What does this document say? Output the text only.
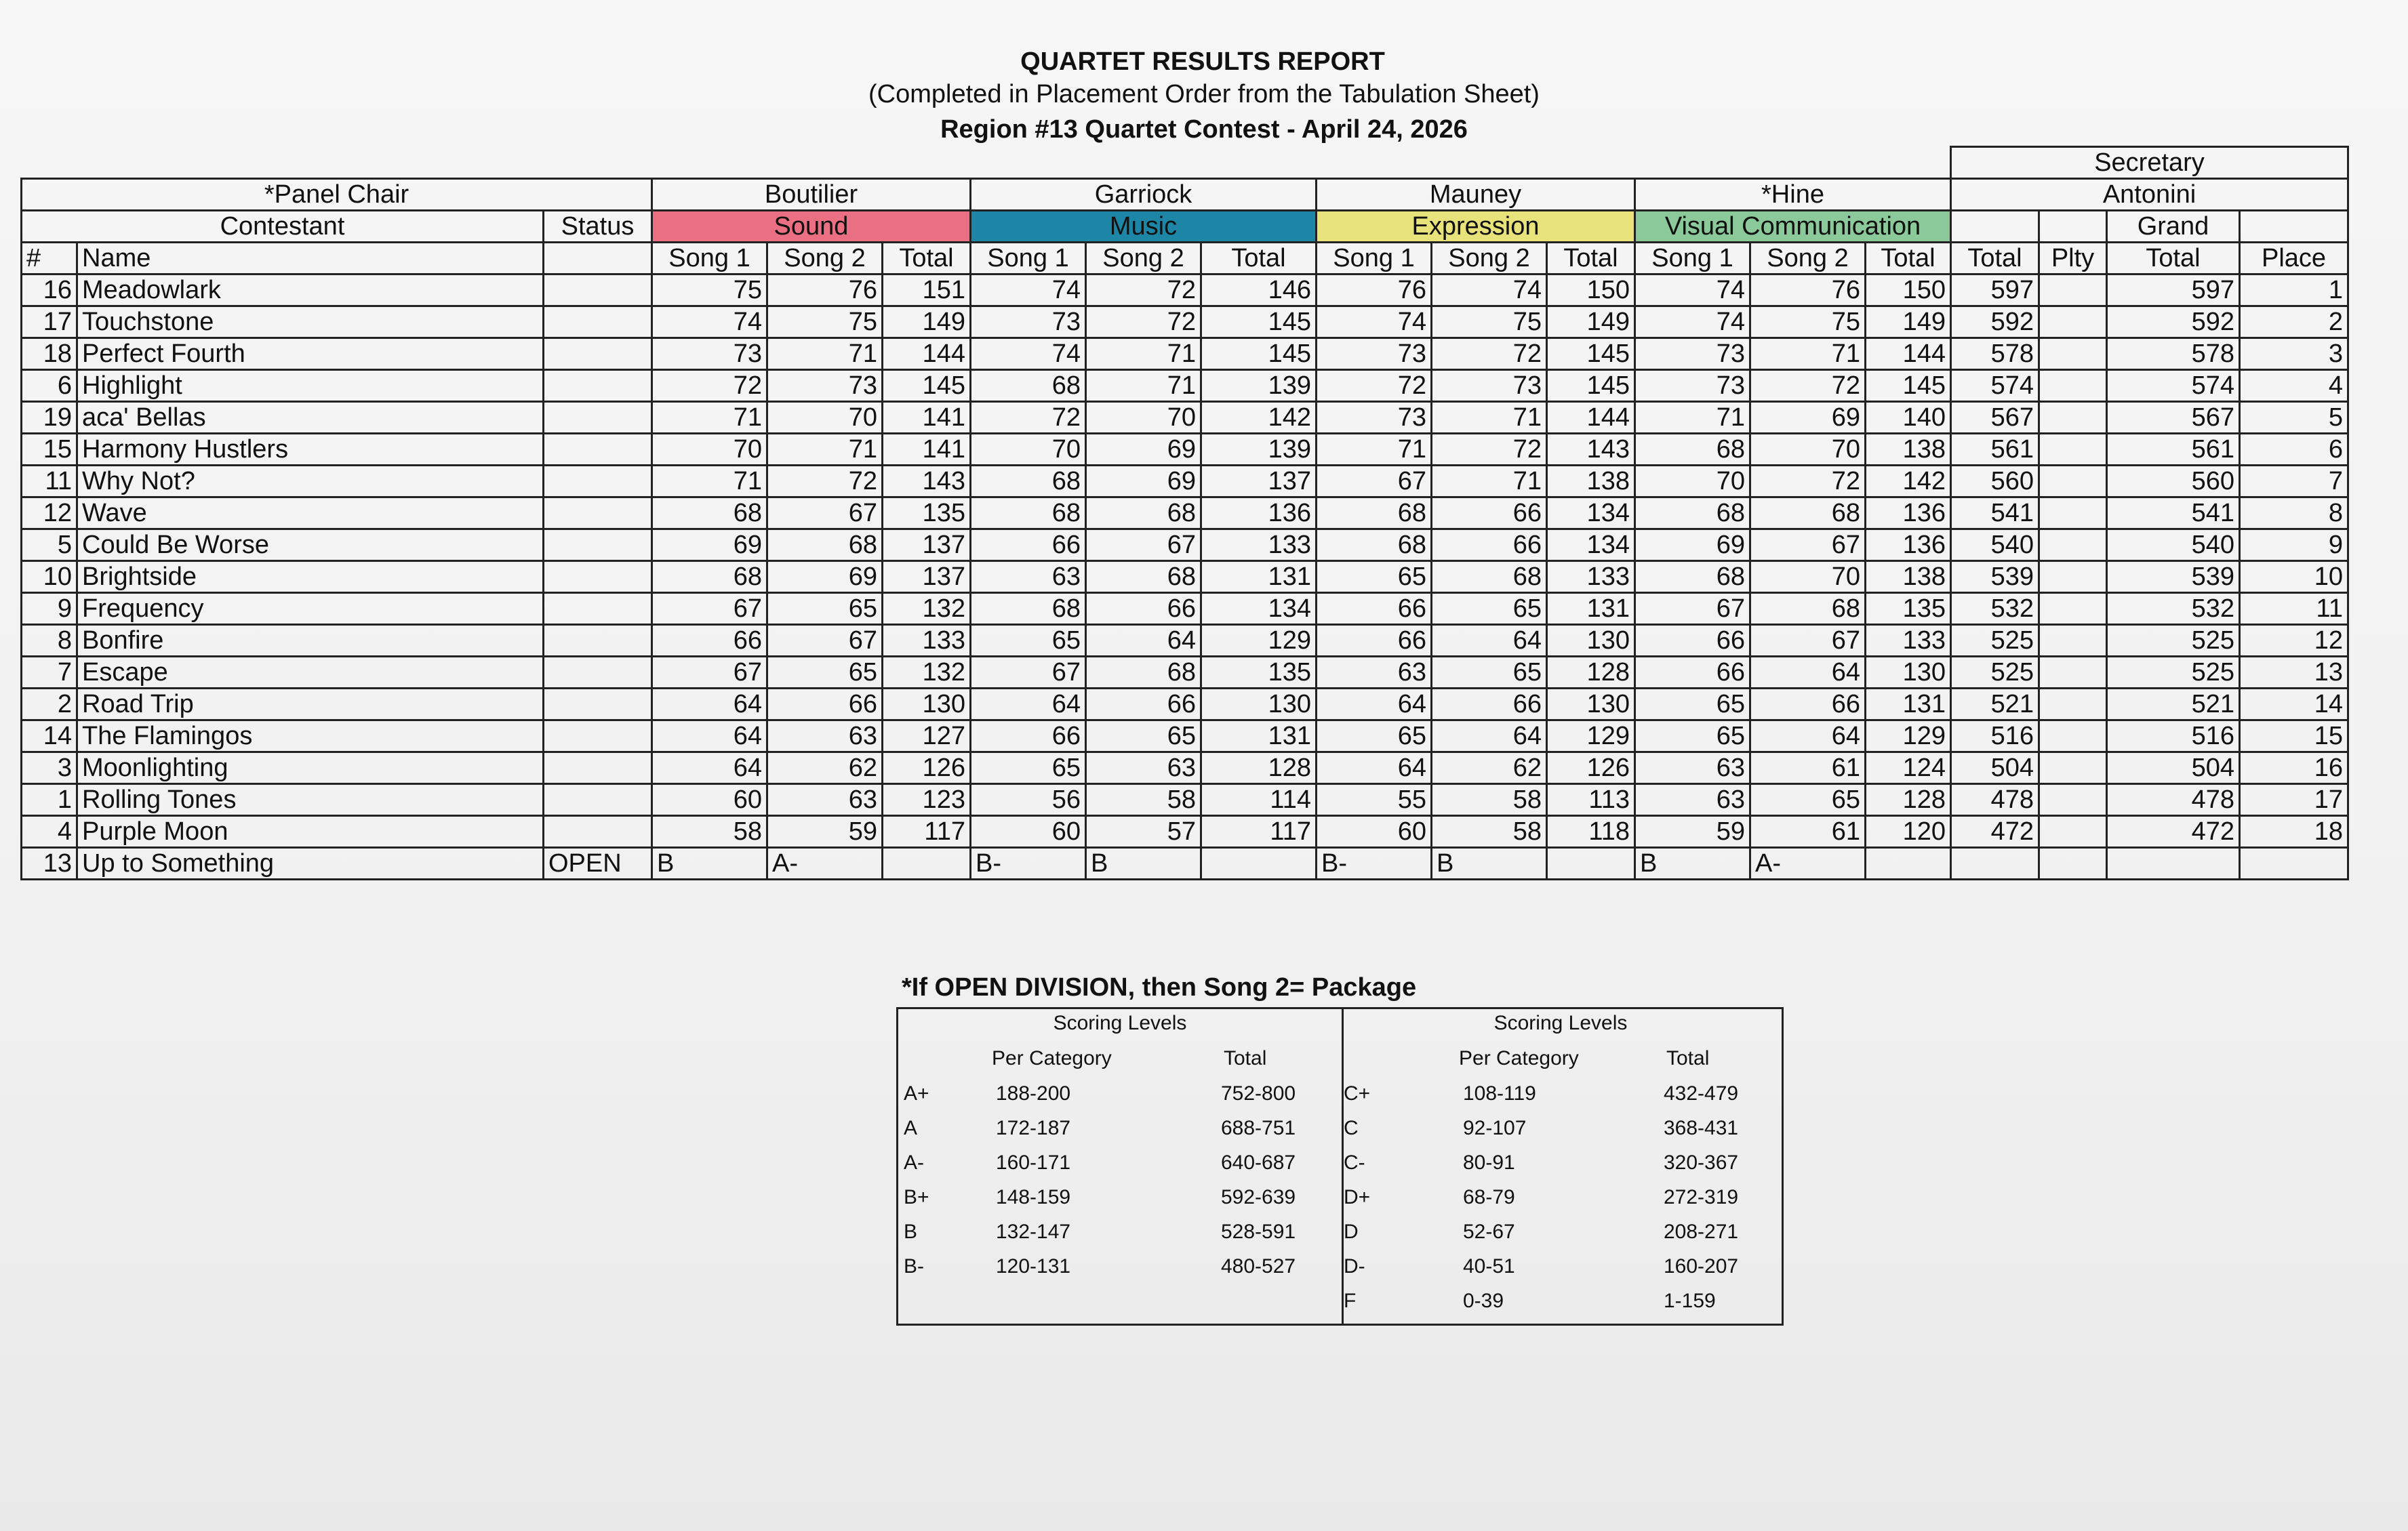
QUARTET RESULTS REPORT
(Completed in Placement Order from the Tabulation Sheet)
Region #13 Quartet Contest - April 24, 2026
															Secretary			
*Panel Chair			Boutilier			Garriock			Mauney			*Hine			Antonini			
Contestant		Status	Sound			Music			Expression			Visual Communication					Grand	
#	Name		Song 1	Song 2	Total	Song 1	Song 2	Total	Song 1	Song 2	Total	Song 1	Song 2	Total	Total	Plty	Total	Place
16	Meadowlark		75	76	151	74	72	146	76	74	150	74	76	150	597		597	1
17	Touchstone		74	75	149	73	72	145	74	75	149	74	75	149	592		592	2
18	Perfect Fourth		73	71	144	74	71	145	73	72	145	73	71	144	578		578	3
6	Highlight		72	73	145	68	71	139	72	73	145	73	72	145	574		574	4
19	aca' Bellas		71	70	141	72	70	142	73	71	144	71	69	140	567		567	5
15	Harmony Hustlers		70	71	141	70	69	139	71	72	143	68	70	138	561		561	6
11	Why Not?		71	72	143	68	69	137	67	71	138	70	72	142	560		560	7
12	Wave		68	67	135	68	68	136	68	66	134	68	68	136	541		541	8
5	Could Be Worse		69	68	137	66	67	133	68	66	134	69	67	136	540		540	9
10	Brightside		68	69	137	63	68	131	65	68	133	68	70	138	539		539	10
9	Frequency		67	65	132	68	66	134	66	65	131	67	68	135	532		532	11
8	Bonfire		66	67	133	65	64	129	66	64	130	66	67	133	525		525	12
7	Escape		67	65	132	67	68	135	63	65	128	66	64	130	525		525	13
2	Road Trip		64	66	130	64	66	130	64	66	130	65	66	131	521		521	14
14	The Flamingos		64	63	127	66	65	131	65	64	129	65	64	129	516		516	15
3	Moonlighting		64	62	126	65	63	128	64	62	126	63	61	124	504		504	16
1	Rolling Tones		60	63	123	56	58	114	55	58	113	63	65	128	478		478	17
4	Purple Moon		58	59	117	60	57	117	60	58	118	59	61	120	472		472	18
13	Up to Something	OPEN	B	A-		B-	B		B-	B		B	A-					
*If OPEN DIVISION, then Song 2= Package
Scoring Levels
Per Category	Total
A+	188-200	752-800
A	172-187	688-751
A-	160-171	640-687
B+	148-159	592-639
B	132-147	528-591
B-	120-131	480-527
Scoring Levels
Per Category	Total
C+	108-119	432-479
C	92-107	368-431
C-	80-91	320-367
D+	68-79	272-319
D	52-67	208-271
D-	40-51	160-207
F	0-39	1-159
